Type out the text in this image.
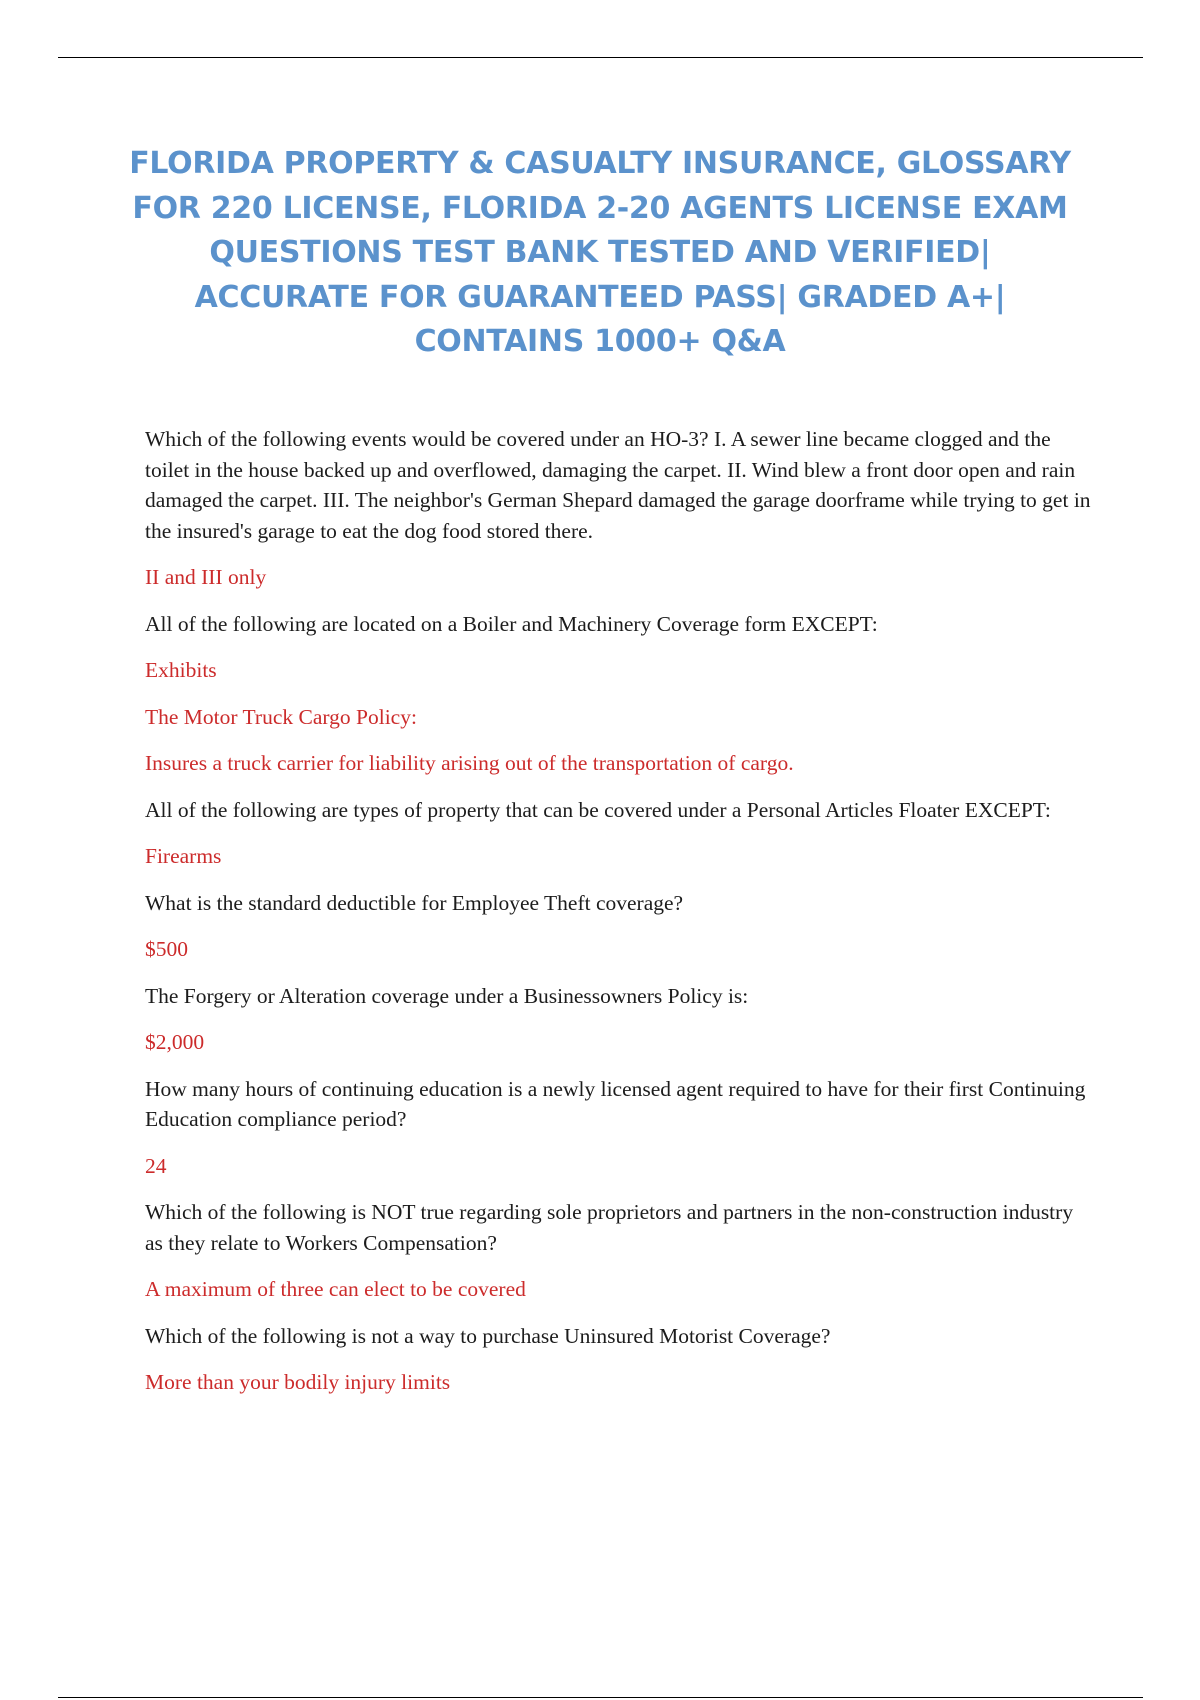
FLORIDA PROPERTY & CASUALTY INSURANCE, GLOSSARY FOR 220 LICENSE, FLORIDA 2-20 AGENTS LICENSE EXAM QUESTIONS TEST BANK TESTED AND VERIFIED| ACCURATE FOR GUARANTEED PASS| GRADED A+| CONTAINS 1000+ Q&A

Which of the following events would be covered under an HO-3? I. A sewer line became clogged and the toilet in the house backed up and overflowed, damaging the carpet. II. Wind blew a front door open and rain damaged the carpet. III. The neighbor's German Shepard damaged the garage doorframe while trying to get in the insured's garage to eat the dog food stored there.

II and III only

All of the following are located on a Boiler and Machinery Coverage form EXCEPT:

Exhibits

The Motor Truck Cargo Policy:

Insures a truck carrier for liability arising out of the transportation of cargo.

All of the following are types of property that can be covered under a Personal Articles Floater EXCEPT:

Firearms

What is the standard deductible for Employee Theft coverage?

$500

The Forgery or Alteration coverage under a Businessowners Policy is:

$2,000

How many hours of continuing education is a newly licensed agent required to have for their first Continuing Education compliance period?

24

Which of the following is NOT true regarding sole proprietors and partners in the non-construction industry as they relate to Workers Compensation?

A maximum of three can elect to be covered

Which of the following is not a way to purchase Uninsured Motorist Coverage?

More than your bodily injury limits
